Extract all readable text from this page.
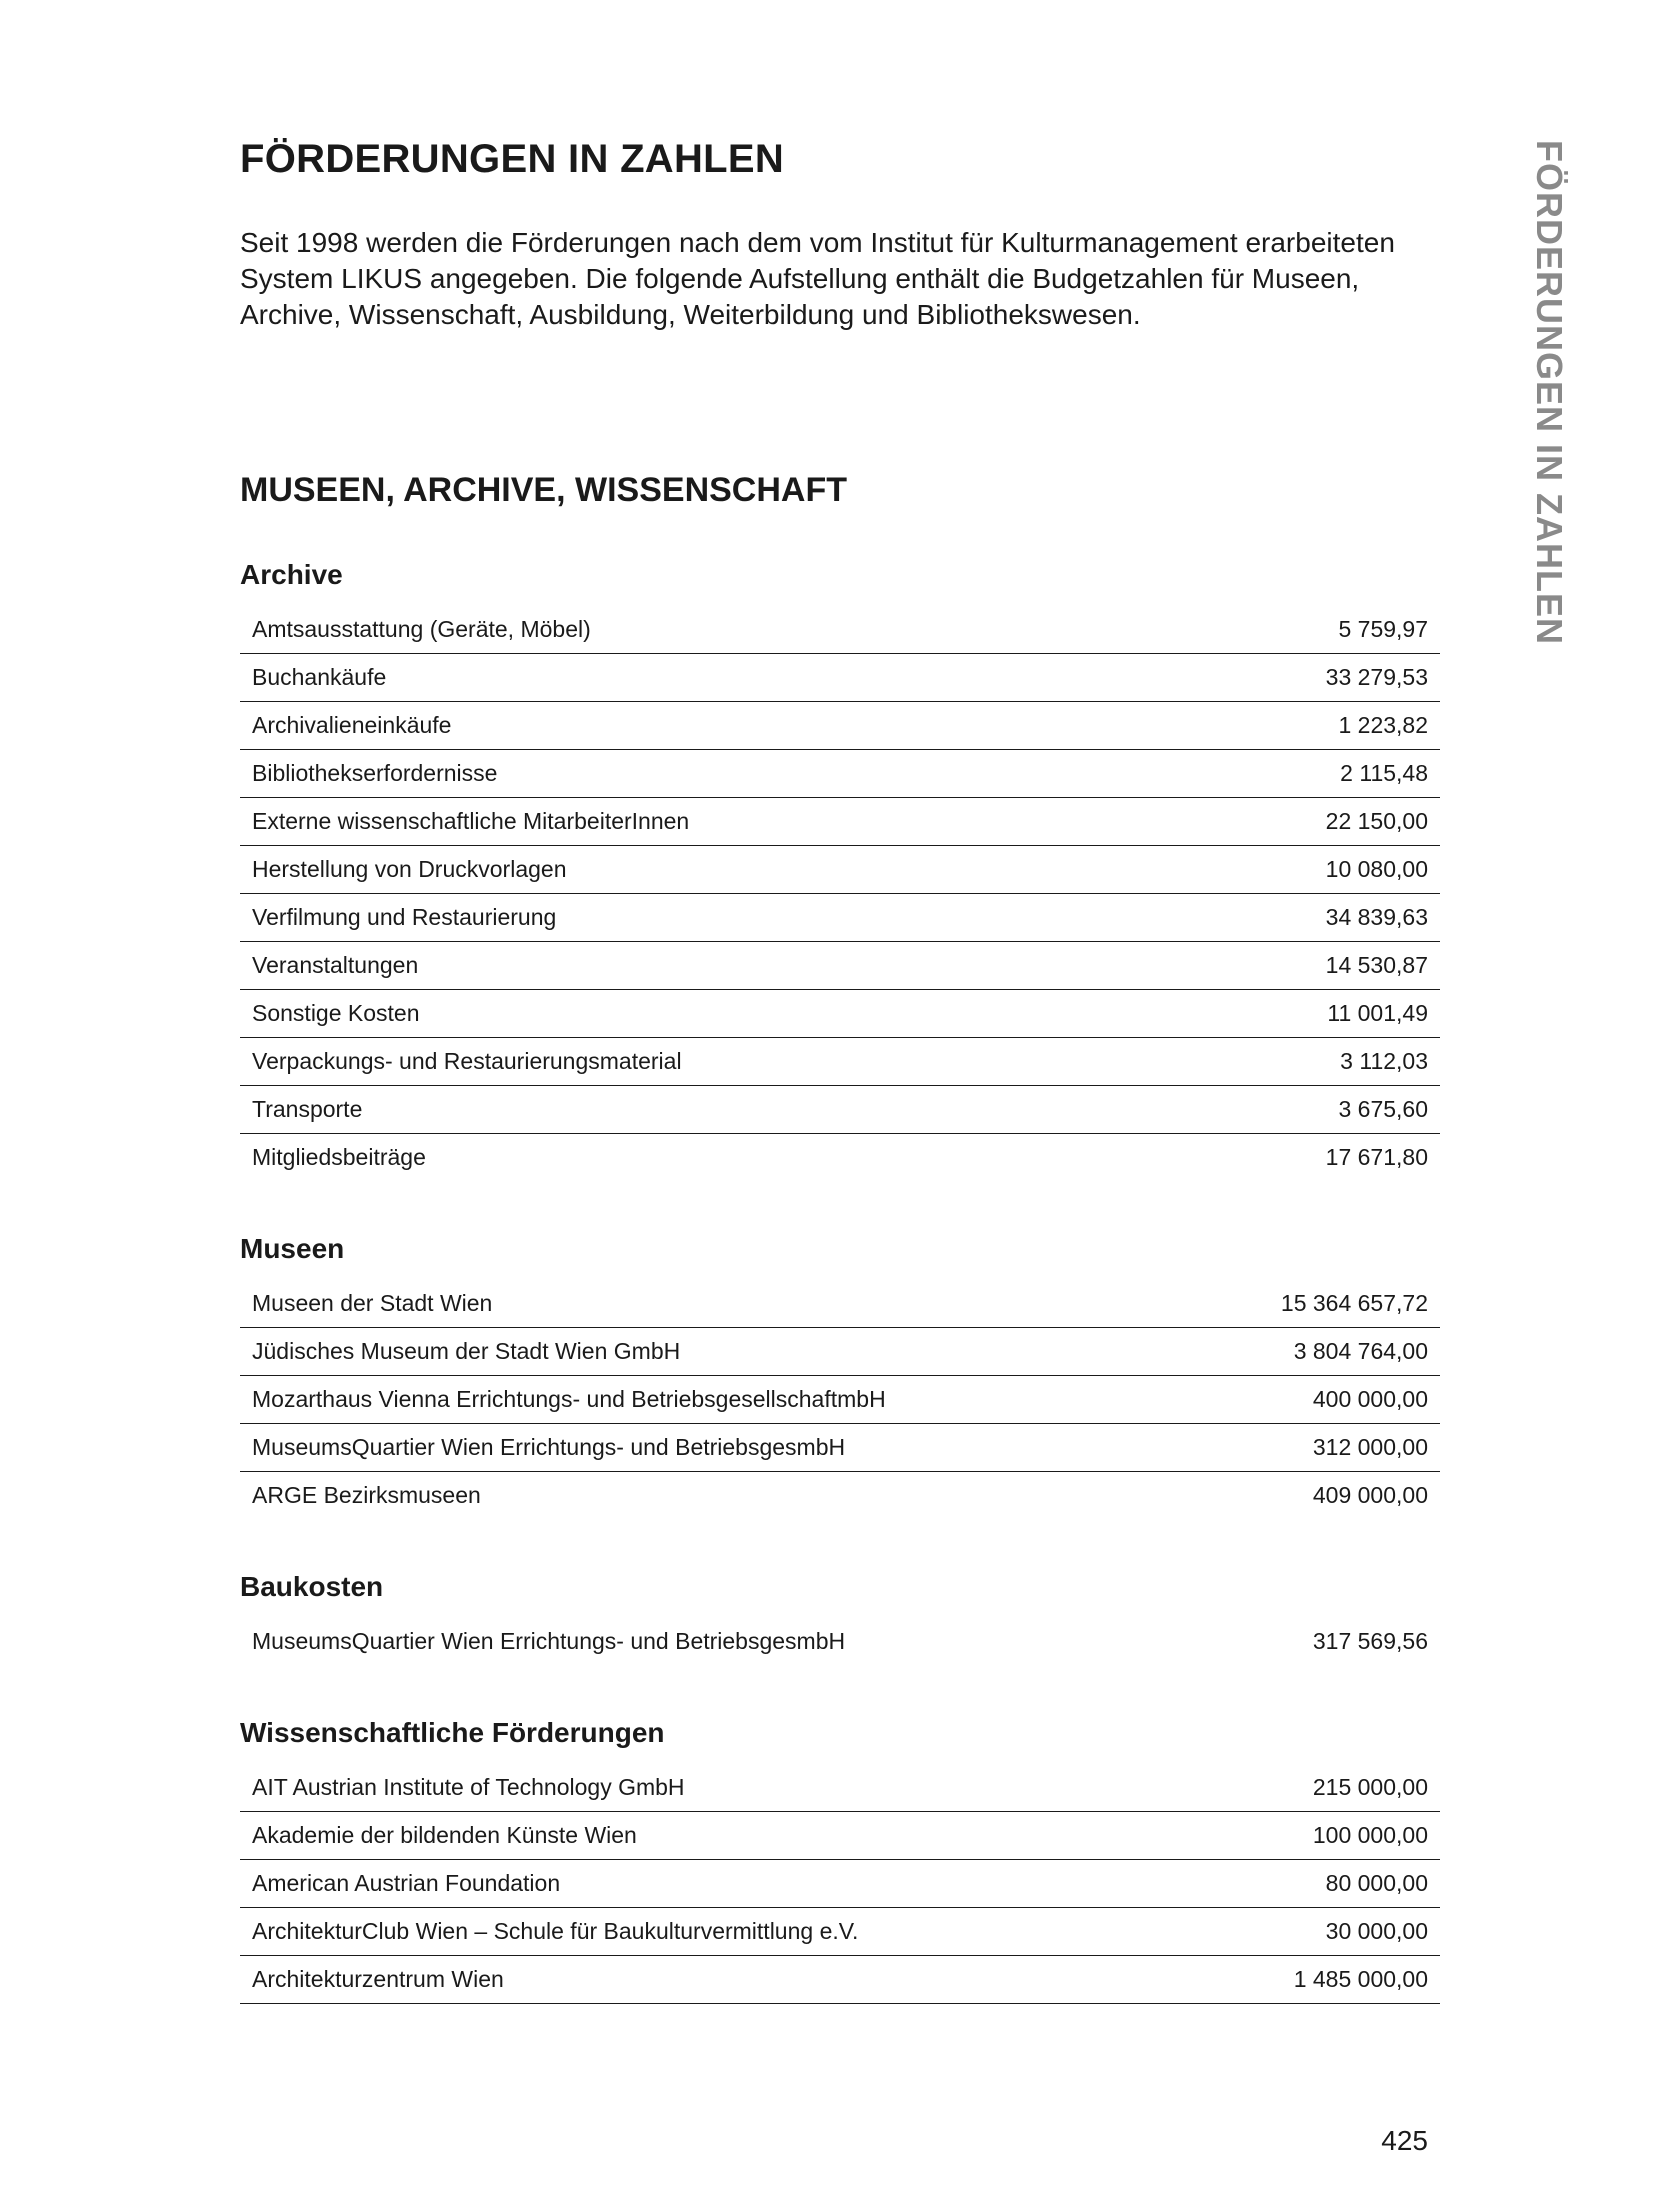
FÖRDERUNGEN IN ZAHLEN

Seit 1998 werden die Förderungen nach dem vom Institut für Kulturmanagement erarbeiteten System LIKUS angegeben. Die folgende Aufstellung enthält die Budgetzahlen für Museen, Archive, Wissenschaft, Ausbildung, Weiterbildung und Bibliothekswesen.	FÖRDERUNGEN IN ZAHLEN
MUSEEN, ARCHIVE, WISSENSCHAFT
Archive
Amtsausstattung (Geräte, Möbel)	5 759,97
Buchankäufe	33 279,53
Archivalieneinkäufe	1 223,82
Bibliothekserfordernisse	2 115,48
Externe wissenschaftliche MitarbeiterInnen	22 150,00
Herstellung von Druckvorlagen	10 080,00
Verfilmung und Restaurierung	34 839,63
Veranstaltungen	14 530,87
Sonstige Kosten	11 001,49
Verpackungs- und Restaurierungsmaterial	3 112,03
Transporte	3 675,60
Mitgliedsbeiträge	17 671,80
Museen
Museen der Stadt Wien	15 364 657,72
Jüdisches Museum der Stadt Wien GmbH	3 804 764,00
Mozarthaus Vienna Errichtungs- und BetriebsgesellschaftmbH	400 000,00
MuseumsQuartier Wien Errichtungs- und BetriebsgesmbH	312 000,00
ARGE Bezirksmuseen	409 000,00
Baukosten
MuseumsQuartier Wien Errichtungs- und BetriebsgesmbH	317 569,56
Wissenschaftliche Förderungen
AIT Austrian Institute of Technology GmbH	215 000,00
Akademie der bildenden Künste Wien	100 000,00
American Austrian Foundation	80 000,00
ArchitekturClub Wien – Schule für Baukulturvermittlung e.V.	30 000,00
Architekturzentrum Wien	1 485 000,00
425
